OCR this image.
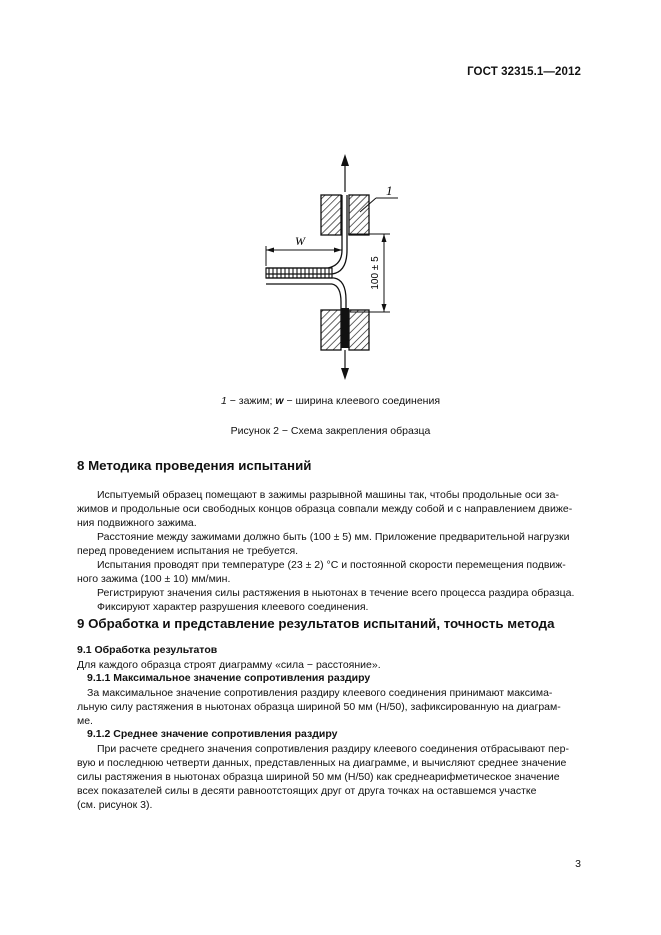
ГОСТ 32315.1—2012
W
100 ± 5
1
1 − зажим; w − ширина клеевого соединения
Рисунок 2 − Схема закрепления образца
8 Методика проведения испытаний
Испытуемый образец помещают в зажимы разрывной машины так, чтобы продольные оси за-
жимов и продольные оси свободных концов образца совпали между собой и с направлением движе-
ния подвижного зажима.
Расстояние между зажимами должно быть (100 ± 5) мм. Приложение предварительной нагрузки
перед проведением испытания не требуется.
Испытания проводят при температуре (23 ± 2) °С и постоянной скорости перемещения подвиж-
ного зажима (100 ± 10) мм/мин.
Регистрируют значения силы растяжения в ньютонах в течение всего процесса раздира образца.
Фиксируют характер разрушения клеевого соединения.
9 Обработка и представление результатов испытаний, точность метода
9.1 Обработка результатов
Для каждого образца строят диаграмму «сила − расстояние».
9.1.1 Максимальное значение сопротивления раздиру
За максимальное значение сопротивления раздиру клеевого соединения принимают максима-
льную силу растяжения в ньютонах образца шириной 50 мм (Н/50), зафиксированную на диаграм-
ме.
9.1.2 Среднее значение сопротивления раздиру
При расчете среднего значения сопротивления раздиру клеевого соединения отбрасывают пер-
вую и последнюю четверти данных, представленных на диаграмме, и вычисляют среднее значение
силы растяжения в ньютонах образца шириной 50 мм (Н/50) как среднеарифметическое значение
всех показателей силы в десяти равноотстоящих друг от друга точках на оставшемся участке
(см. рисунок 3).
3
